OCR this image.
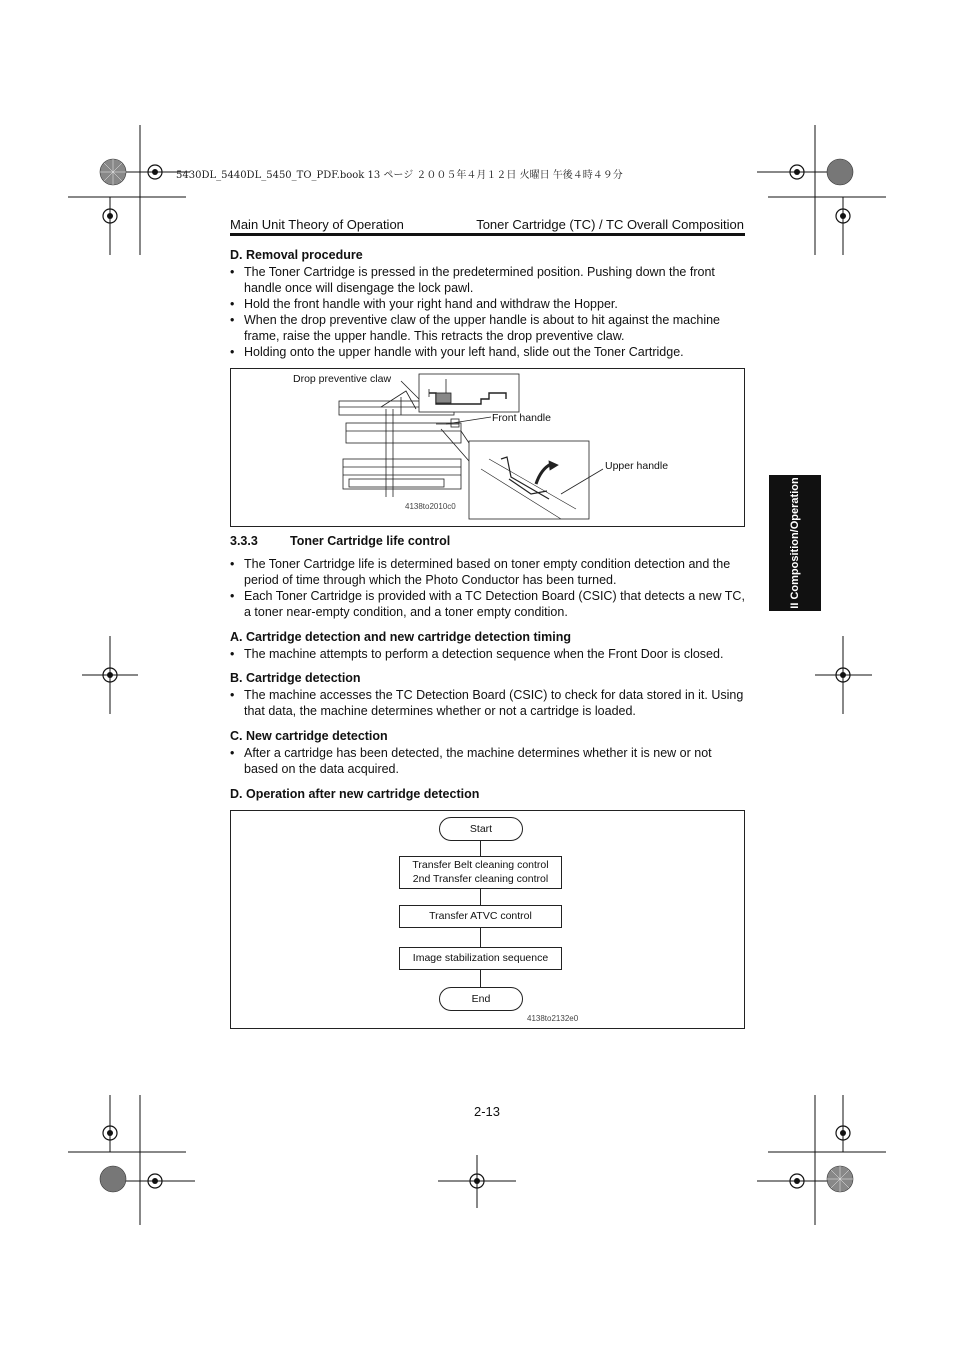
5430DL_5440DL_5450_TO_PDF.book 13 ページ ２００５年４月１２日 火曜日 午後４時４９分
Main Unit Theory of Operation	Toner Cartridge (TC) / TC Overall Composition
D. Removal procedure
• The Toner Cartridge is pressed in the predetermined position. Pushing down the front handle once will disengage the lock pawl.
• Hold the front handle with your right hand and withdraw the Hopper.
• When the drop preventive claw of the upper handle is about to hit against the machine frame, raise the upper handle. This retracts the drop preventive claw.
• Holding onto the upper handle with your left hand, slide out the Toner Cartridge.
Drop preventive claw
Front handle
Upper handle
4138to2010c0
3.3.3	Toner Cartridge life control
• The Toner Cartridge life is determined based on toner empty condition detection and the period of time through which the Photo Conductor has been turned.
• Each Toner Cartridge is provided with a TC Detection Board (CSIC) that detects a new TC, a toner near-empty condition, and a toner empty condition.
A. Cartridge detection and new cartridge detection timing
• The machine attempts to perform a detection sequence when the Front Door is closed.
B. Cartridge detection
• The machine accesses the TC Detection Board (CSIC) to check for data stored in it. Using that data, the machine determines whether or not a cartridge is loaded.
C. New cartridge detection
• After a cartridge has been detected, the machine determines whether it is new or not based on the data acquired.
D. Operation after new cartridge detection
Start
Transfer Belt cleaning control
2nd Transfer cleaning control
Transfer ATVC control
Image stabilization sequence
End
4138to2132e0
II Composition/Operation
2-13
